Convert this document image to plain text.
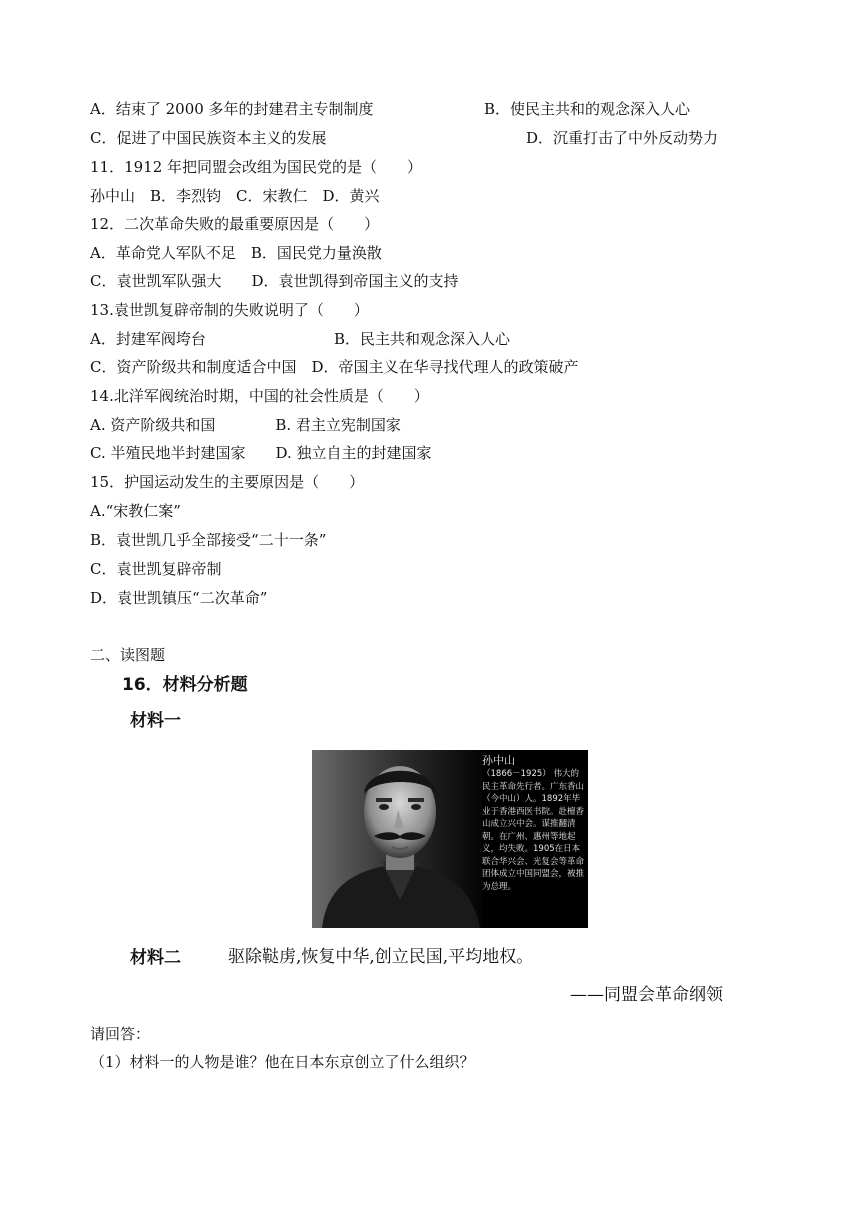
A．结束了 2000 多年的封建君主专制制度	B．使民主共和的观念深入人心
C．促进了中国民族资本主义的发展	D．沉重打击了中外反动势力
11．1912 年把同盟会改组为国民党的是（　　）
孙中山　B．李烈钧　C．宋教仁　D．黄兴
12．二次革命失败的最重要原因是（　　）
A．革命党人军队不足　B．国民党力量涣散
C．袁世凯军队强大　　D．袁世凯得到帝国主义的支持
13.袁世凯复辟帝制的失败说明了（　　）
A．封建军阀垮台	B．民主共和观念深入人心
C．资产阶级共和制度适合中国　D．帝国主义在华寻找代理人的政策破产
14.北洋军阀统治时期，中国的社会性质是（　　）
A. 资产阶级共和国　　　　B. 君主立宪制国家
C. 半殖民地半封建国家　　D. 独立自主的封建国家
15．护国运动发生的主要原因是（　　）
A.“宋教仁案”
B．袁世凯几乎全部接受“二十一条”
C．袁世凯复辟帝制
D．袁世凯镇压“二次革命”
二、读图题
16．材料分析题
材料一
孙中山
（1866－1925） 伟大的民主革命先行者。广东香山（今中山）人。1892年毕业于香港西医书院。赴檀香山成立兴中会。谋推翻清朝。在广州、惠州等地起义，均失败。1905在日本联合华兴会、光复会等革命团体成立中国同盟会，被推为总理。
材料二	驱除鞑虏,恢复中华,创立民国,平均地权。
——同盟会革命纲领
请回答：
（1）材料一的人物是谁？他在日本东京创立了什么组织？
